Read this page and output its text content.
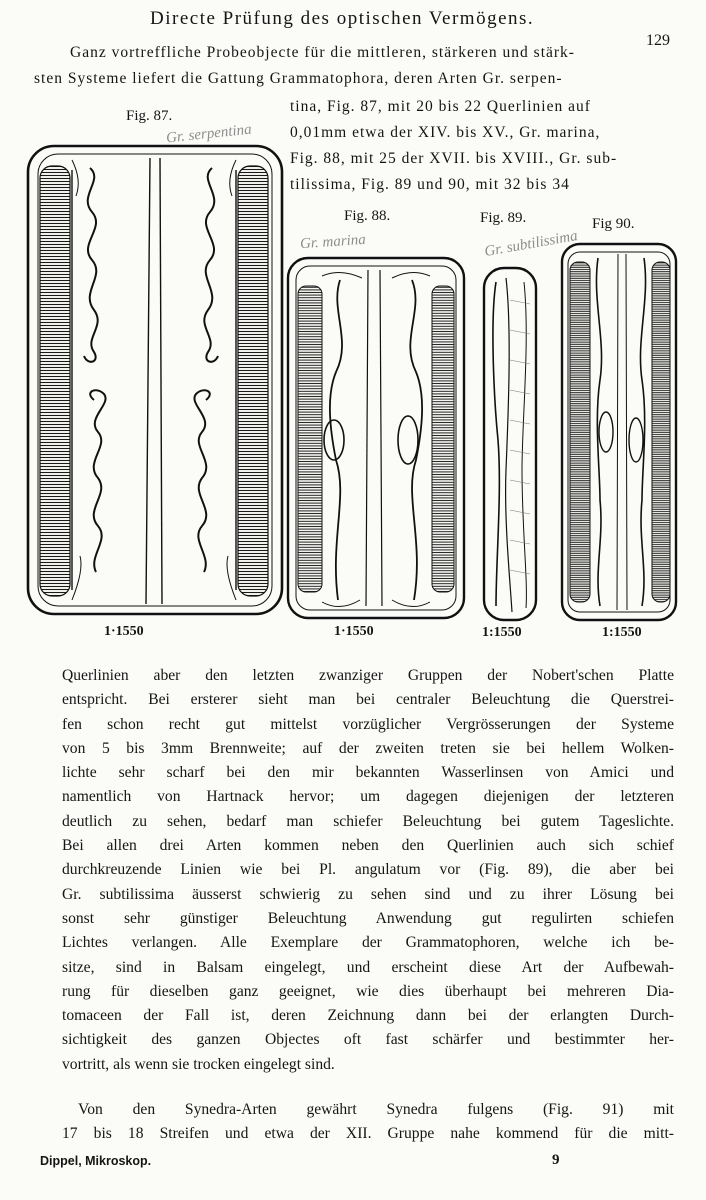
Directe Prüfung des optischen Vermögens.
129
Ganz vortreffliche Probeobjecte für die mittleren, stärkeren und stärk-
sten Systeme liefert die Gattung Grammatophora, deren Arten Gr. serpen-
tina, Fig. 87, mit 20 bis 22 Querlinien auf
0,01mm etwa der XIV. bis XV., Gr. marina,
Fig. 88, mit 25 der XVII. bis XVIII., Gr. sub-
tilissima, Fig. 89 und 90, mit 32 bis 34
Fig. 87.
Fig. 88.	Fig. 89.	Fig 90.
Gr. serpentina
Gr. marina	Gr. subtilissima
1·1550	1·1550	1:1550	1:1550
Querlinien aber den letzten zwanziger Gruppen der Nobert'schen Platte
entspricht. Bei ersterer sieht man bei centraler Beleuchtung die Querstrei-
fen schon recht gut mittelst vorzüglicher Vergrösserungen der Systeme
von 5 bis 3mm Brennweite; auf der zweiten treten sie bei hellem Wolken-
lichte sehr scharf bei den mir bekannten Wasserlinsen von Amici und
namentlich von Hartnack hervor; um dagegen diejenigen der letzteren
deutlich zu sehen, bedarf man schiefer Beleuchtung bei gutem Tageslichte.
Bei allen drei Arten kommen neben den Querlinien auch sich schief
durchkreuzende Linien wie bei Pl. angulatum vor (Fig. 89), die aber bei
Gr. subtilissima äusserst schwierig zu sehen sind und zu ihrer Lösung bei
sonst sehr günstiger Beleuchtung Anwendung gut regulirten schiefen
Lichtes verlangen. Alle Exemplare der Grammatophoren, welche ich be-
sitze, sind in Balsam eingelegt, und erscheint diese Art der Aufbewah-
rung für dieselben ganz geeignet, wie dies überhaupt bei mehreren Dia-
tomaceen der Fall ist, deren Zeichnung dann bei der erlangten Durch-
sichtigkeit des ganzen Objectes oft fast schärfer und bestimmter her-
vortritt, als wenn sie trocken eingelegt sind.
Von den Synedra-Arten gewährt Synedra fulgens (Fig. 91) mit
17 bis 18 Streifen und etwa der XII. Gruppe nahe kommend für die mitt-
Dippel, Mikroskop.	9
